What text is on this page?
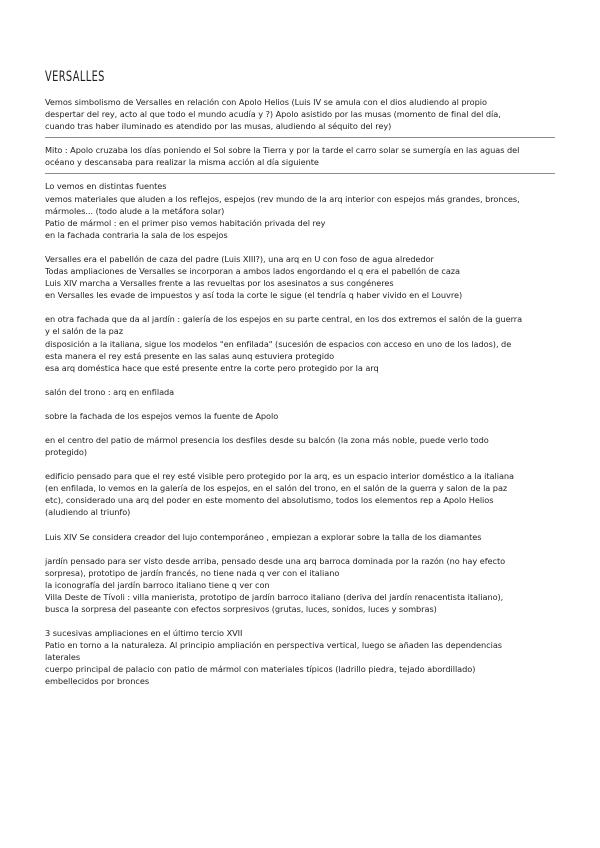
VERSALLES
Vemos simbolismo de Versalles en relación con Apolo Helios (Luis IV se amula con el dios aludiendo al propio
despertar del rey, acto al que todo el mundo acudía y ?) Apolo asistido por las musas (momento de final del día,
cuando tras haber iluminado es atendido por las musas, aludiendo al séquito del rey)
Mito : Apolo cruzaba los días poniendo el Sol sobre la Tierra y por la tarde el carro solar se sumergía en las aguas del
océano y descansaba para realizar la misma acción al día siguiente
Lo vemos en distintas fuentes
vemos materiales que aluden a los reflejos, espejos (rev mundo de la arq interior con espejos más grandes, bronces,
mármoles... (todo alude a la metáfora solar)
Patio de mármol : en el primer piso vemos habitación privada del rey
en la fachada contraria la sala de los espejos
Versalles era el pabellón de caza del padre (Luis XIII?), una arq en U con foso de agua alrededor
Todas ampliaciones de Versalles se incorporan a ambos lados engordando el q era el pabellón de caza
Luis XIV marcha a Versalles frente a las revueltas por los asesinatos a sus congéneres
en Versalles les evade de impuestos y así toda la corte le sigue (el tendría q haber vivido en el Louvre)
en otra fachada que da al jardín : galería de los espejos en su parte central, en los dos extremos el salón de la guerra
y el salón de la paz
disposición a la italiana, sigue los modelos "en enfilada" (sucesión de espacios con acceso en uno de los lados), de
esta manera el rey está presente en las salas aunq estuviera protegido
esa arq doméstica hace que esté presente entre la corte pero protegido por la arq
salón del trono : arq en enfilada
sobre la fachada de los espejos vemos la fuente de Apolo
en el centro del patio de mármol presencia los desfiles desde su balcón (la zona más noble, puede verlo todo
protegido)
edificio pensado para que el rey esté visible pero protegido por la arq, es un espacio interior doméstico a la italiana
(en enfilada, lo vemos en la galería de los espejos, en el salón del trono, en el salón de la guerra y salon de la paz
etc), considerado una arq del poder en este momento del absolutismo, todos los elementos rep a Apolo Helios
(aludiendo al triunfo)
Luis XIV Se considera creador del lujo contemporáneo , empiezan a explorar sobre la talla de los diamantes
jardín pensado para ser visto desde arriba, pensado desde una arq barroca dominada por la razón (no hay efecto
sorpresa), prototipo de jardín francés, no tiene nada q ver con el italiano
la iconografía del jardín barroco italiano tiene q ver con
Villa Deste de Tívoli : villa manierista, prototipo de jardín barroco italiano (deriva del jardín renacentista italiano),
busca la sorpresa del paseante con efectos sorpresivos (grutas, luces, sonidos, luces y sombras)
3 sucesivas ampliaciones en el último tercio XVII
Patio en torno a la naturaleza. Al principio ampliación en perspectiva vertical, luego se añaden las dependencias
laterales
cuerpo principal de palacio con patio de mármol con materiales típicos (ladrillo piedra, tejado abordillado)
embellecidos por bronces
